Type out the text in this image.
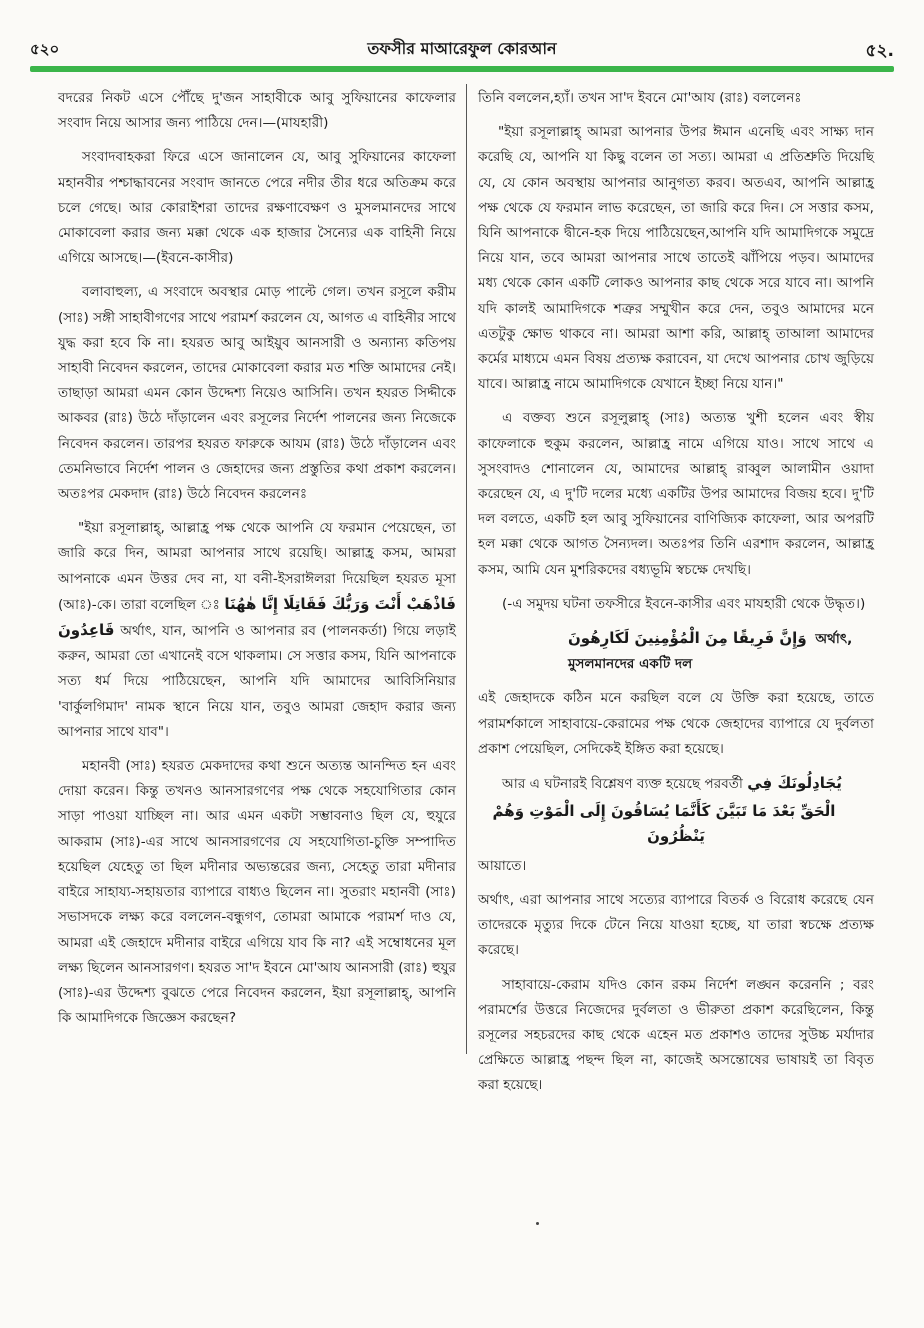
৫২০	তফসীর মাআরেফুল কোরআন	৫২.

বদরের নিকট এসে পৌঁছে দু'জন সাহাবীকে আবু সুফিয়ানের কাফেলার সংবাদ নিয়ে আসার জন্য পাঠিয়ে দেন।—(মাযহারী)

সংবাদবাহকরা ফিরে এসে জানালেন যে, আবু সুফিয়ানের কাফেলা মহানবীর পশ্চাদ্ধাবনের সংবাদ জানতে পেরে নদীর তীর ধরে অতিক্রম করে চলে গেছে। আর কোরাইশরা তাদের রক্ষণাবেক্ষণ ও মুসলমানদের সাথে মোকাবেলা করার জন্য মক্কা থেকে এক হাজার সৈন্যের এক বাহিনী নিয়ে এগিয়ে আসছে।—(ইবনে-কাসীর)

বলাবাহুল্য, এ সংবাদে অবস্থার মোড় পাল্টে গেল। তখন রসূলে করীম (সাঃ) সঙ্গী সাহাবীগণের সাথে পরামর্শ করলেন যে, আগত এ বাহিনীর সাথে যুদ্ধ করা হবে কি না। হযরত আবু আইয়ুব আনসারী ও অন্যান্য কতিপয় সাহাবী নিবেদন করলেন, তাদের মোকাবেলা করার মত শক্তি আমাদের নেই। তাছাড়া আমরা এমন কোন উদ্দেশ্য নিয়েও আসিনি। তখন হযরত সিদ্দীকে আকবর (রাঃ) উঠে দাঁড়ালেন এবং রসূলের নির্দেশ পালনের জন্য নিজেকে নিবেদন করলেন। তারপর হযরত ফারুকে আযম (রাঃ) উঠে দাঁড়ালেন এবং তেমনিভাবে নির্দেশ পালন ও জেহাদের জন্য প্রস্তুতির কথা প্রকাশ করলেন। অতঃপর মেকদাদ (রাঃ) উঠে নিবেদন করলেনঃ

"ইয়া রসূলাল্লাহ্, আল্লাহ্র পক্ষ থেকে আপনি যে ফরমান পেয়েছেন, তা জারি করে দিন, আমরা আপনার সাথে রয়েছি। আল্লাহ্র কসম, আমরা আপনাকে এমন উত্তর দেব না, যা বনী-ইসরাঈলরা দিয়েছিল হযরত মূসা (আঃ)-কে। তারা বলেছিল ঃ فَاذْهَبْ أَنْتَ وَرَبُّكَ فَقَاتِلَا إِنَّا هٰهُنَا قَاعِدُونَ অর্থাৎ, যান, আপনি ও আপনার রব (পালনকর্তা) গিয়ে লড়াই করুন, আমরা তো এখানেই বসে থাকলাম। সে সত্তার কসম, যিনি আপনাকে সত্য ধর্ম দিয়ে পাঠিয়েছেন, আপনি যদি আমাদের আবিসিনিয়ার 'বার্কুলগিমাদ' নামক স্থানে নিয়ে যান, তবুও আমরা জেহাদ করার জন্য আপনার সাথে যাব"।

মহানবী (সাঃ) হযরত মেকদাদের কথা শুনে অত্যন্ত আনন্দিত হন এবং দোয়া করেন। কিন্তু তখনও আনসারগণের পক্ষ থেকে সহযোগিতার কোন সাড়া পাওয়া যাচ্ছিল না। আর এমন একটা সম্ভাবনাও ছিল যে, হুযুরে আকরাম (সাঃ)-এর সাথে আনসারগণের যে সহযোগিতা-চুক্তি সম্পাদিত হয়েছিল যেহেতু তা ছিল মদীনার অভ্যন্তরের জন্য, সেহেতু তারা মদীনার বাইরে সাহায্য-সহায়তার ব্যাপারে বাধ্যও ছিলেন না। সুতরাং মহানবী (সাঃ) সভাসদকে লক্ষ্য করে বললেন-বন্ধুগণ, তোমরা আমাকে পরামর্শ দাও যে, আমরা এই জেহাদে মদীনার বাইরে এগিয়ে যাব কি না? এই সম্বোধনের মূল লক্ষ্য ছিলেন আনসারগণ। হযরত সা'দ ইবনে মো'আয আনসারী (রাঃ) হুযুর (সাঃ)-এর উদ্দেশ্য বুঝতে পেরে নিবেদন করলেন, ইয়া রসূলাল্লাহ্, আপনি কি আমাদিগকে জিজ্ঞেস করছেন?

তিনি বললেন,হ্যাঁ। তখন সা'দ ইবনে মো'আয (রাঃ) বললেনঃ

"ইয়া রসূলাল্লাহ্ আমরা আপনার উপর ঈমান এনেছি এবং সাক্ষ্য দান করেছি যে, আপনি যা কিছু বলেন তা সত্য। আমরা এ প্রতিশ্রুতি দিয়েছি যে, যে কোন অবস্থায় আপনার আনুগত্য করব। অতএব, আপনি আল্লাহ্র পক্ষ থেকে যে ফরমান লাভ করেছেন, তা জারি করে দিন। সে সত্তার কসম, যিনি আপনাকে দ্বীনে-হক দিয়ে পাঠিয়েছেন,আপনি যদি আমাদিগকে সমুদ্রে নিয়ে যান, তবে আমরা আপনার সাথে তাতেই ঝাঁপিয়ে পড়ব। আমাদের মধ্য থেকে কোন একটি লোকও আপনার কাছ থেকে সরে যাবে না। আপনি যদি কালই আমাদিগকে শত্রুর সম্মুখীন করে দেন, তবুও আমাদের মনে এতটুকু ক্ষোভ থাকবে না। আমরা আশা করি, আল্লাহ্ তাআলা আমাদের কর্মের মাধ্যমে এমন বিষয় প্রত্যক্ষ করাবেন, যা দেখে আপনার চোখ জুড়িয়ে যাবে। আল্লাহ্র নামে আমাদিগকে যেখানে ইচ্ছা নিয়ে যান।"

এ বক্তব্য শুনে রসূলুল্লাহ্ (সাঃ) অত্যন্ত খুশী হলেন এবং স্বীয় কাফেলাকে হুকুম করলেন, আল্লাহ্র নামে এগিয়ে যাও। সাথে সাথে এ সুসংবাদও শোনালেন যে, আমাদের আল্লাহ্ রাব্বুল আলামীন ওয়াদা করেছেন যে, এ দু'টি দলের মধ্যে একটির উপর আমাদের বিজয় হবে। দু'টি দল বলতে, একটি হল আবু সুফিয়ানের বাণিজ্যিক কাফেলা, আর অপরটি হল মক্কা থেকে আগত সৈন্যদল। অতঃপর তিনি এরশাদ করলেন, আল্লাহ্র কসম, আমি যেন মুশরিকদের বধ্যভূমি স্বচক্ষে দেখছি।

(-এ সমুদয় ঘটনা তফসীরে ইবনে-কাসীর এবং মাযহারী থেকে উদ্ধৃত।)

وَإِنَّ فَرِيقًا مِنَ الْمُؤْمِنِينَ لَكَارِهُونَ অর্থাৎ, মুসলমানদের একটি দল

এই জেহাদকে কঠিন মনে করছিল বলে যে উক্তি করা হয়েছে, তাতে পরামর্শকালে সাহাবায়ে-কেরামের পক্ষ থেকে জেহাদের ব্যাপারে যে দুর্বলতা প্রকাশ পেয়েছিল, সেদিকেই ইঙ্গিত করা হয়েছে।

আর এ ঘটনারই বিশ্লেষণ ব্যক্ত হয়েছে পরবর্তী يُجَادِلُونَكَ فِي
الْحَقِّ بَعْدَ مَا تَبَيَّنَ كَأَنَّمَا يُسَاقُونَ إِلَى الْمَوْتِ وَهُمْ يَنْظُرُونَ
আয়াতে।

অর্থাৎ, এরা আপনার সাথে সত্যের ব্যাপারে বিতর্ক ও বিরোধ করেছে যেন তাদেরকে মৃত্যুর দিকে টেনে নিয়ে যাওয়া হচ্ছে, যা তারা স্বচক্ষে প্রত্যক্ষ করেছে।

সাহাবায়ে-কেরাম যদিও কোন রকম নির্দেশ লঙ্ঘন করেননি ; বরং পরামর্শের উত্তরে নিজেদের দুর্বলতা ও ভীরুতা প্রকাশ করেছিলেন, কিন্তু রসূলের সহচরদের কাছ থেকে এহেন মত প্রকাশও তাদের সুউচ্চ মর্যাদার প্রেক্ষিতে আল্লাহ্র পছন্দ ছিল না, কাজেই অসন্তোষের ভাষায়ই তা বিবৃত করা হয়েছে।
